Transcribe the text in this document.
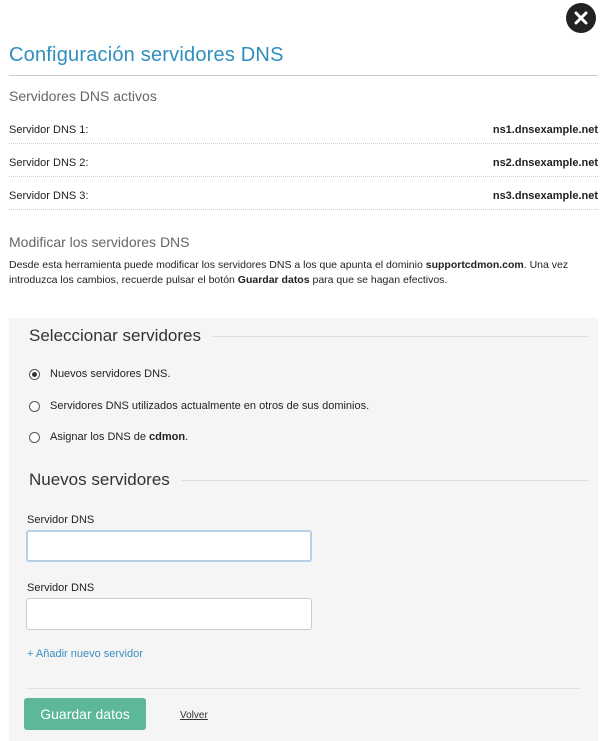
Configuración servidores DNS
Servidores DNS activos
Servidor DNS 1:	ns1.dnsexample.net
Servidor DNS 2:	ns2.dnsexample.net
Servidor DNS 3:	ns3.dnsexample.net
Modificar los servidores DNS
Desde esta herramienta puede modificar los servidores DNS a los que apunta el dominio supportcdmon.com. Una vez introduzca los cambios, recuerde pulsar el botón Guardar datos para que se hagan efectivos.
Seleccionar servidores
Nuevos servidores DNS.
Servidores DNS utilizados actualmente en otros de sus dominios.
Asignar los DNS de cdmon.
Nuevos servidores
Servidor DNS
Servidor DNS
+ Añadir nuevo servidor
Guardar datos	Volver
